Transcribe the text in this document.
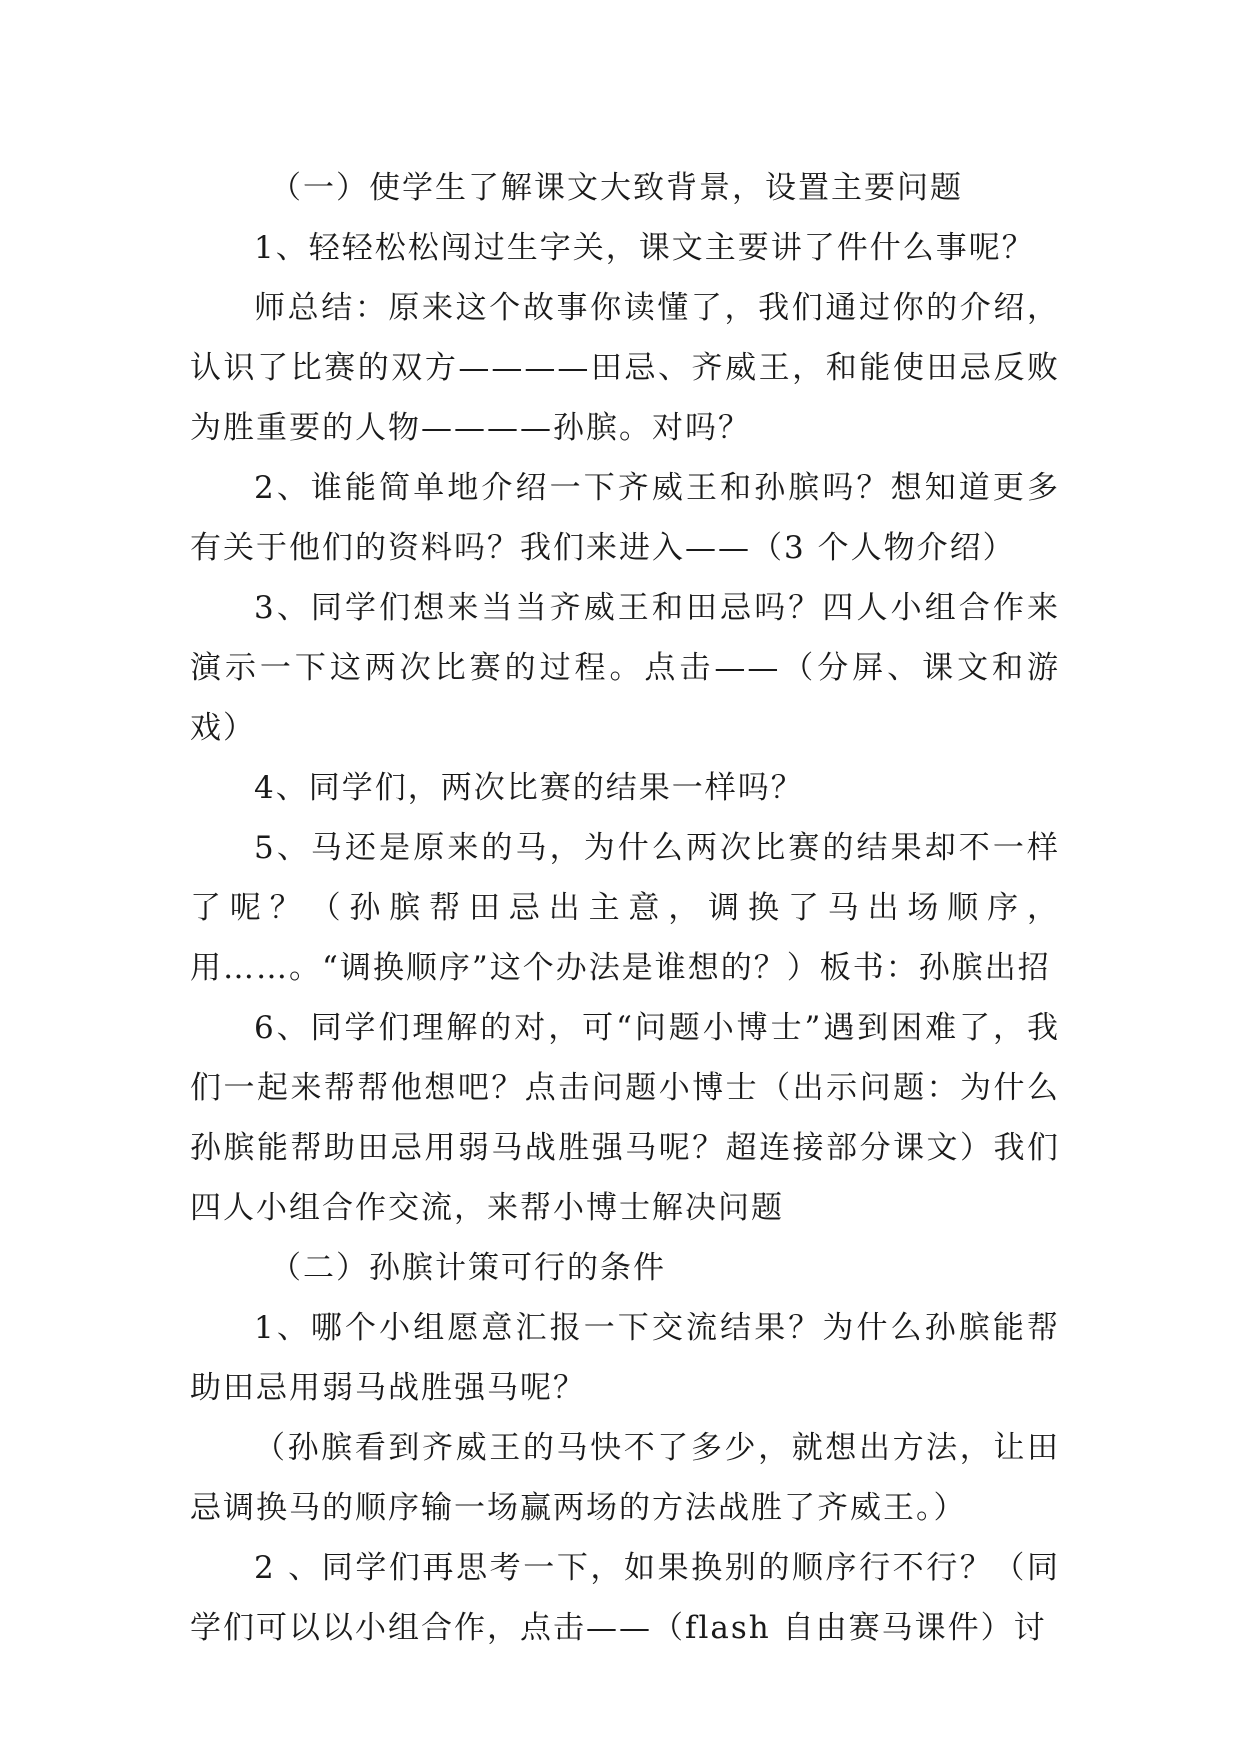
（一）使学生了解课文大致背景，设置主要问题

1、轻轻松松闯过生字关，课文主要讲了件什么事呢？

师总结：原来这个故事你读懂了，我们通过你的介绍，认识了比赛的双方————田忌、齐威王，和能使田忌反败为胜重要的人物————孙膑。对吗？

2、谁能简单地介绍一下齐威王和孙膑吗？想知道更多有关于他们的资料吗？我们来进入——（3 个人物介绍）

3、同学们想来当当齐威王和田忌吗？四人小组合作来演示一下这两次比赛的过程。点击——（分屏、课文和游戏）

4、同学们，两次比赛的结果一样吗？

5、马还是原来的马，为什么两次比赛的结果却不一样了呢？（孙膑帮田忌出主意，调换了马出场顺序，用……。“调换顺序”这个办法是谁想的？）板书：孙膑出招

6、同学们理解的对，可“问题小博士”遇到困难了，我们一起来帮帮他想吧？点击问题小博士（出示问题：为什么孙膑能帮助田忌用弱马战胜强马呢？超连接部分课文）我们四人小组合作交流，来帮小博士解决问题

（二）孙膑计策可行的条件

1、哪个小组愿意汇报一下交流结果？为什么孙膑能帮助田忌用弱马战胜强马呢？

（孙膑看到齐威王的马快不了多少，就想出方法，让田忌调换马的顺序输一场赢两场的方法战胜了齐威王。）

2 、同学们再思考一下，如果换别的顺序行不行？（同学们可以以小组合作，点击——（flash 自由赛马课件）讨
